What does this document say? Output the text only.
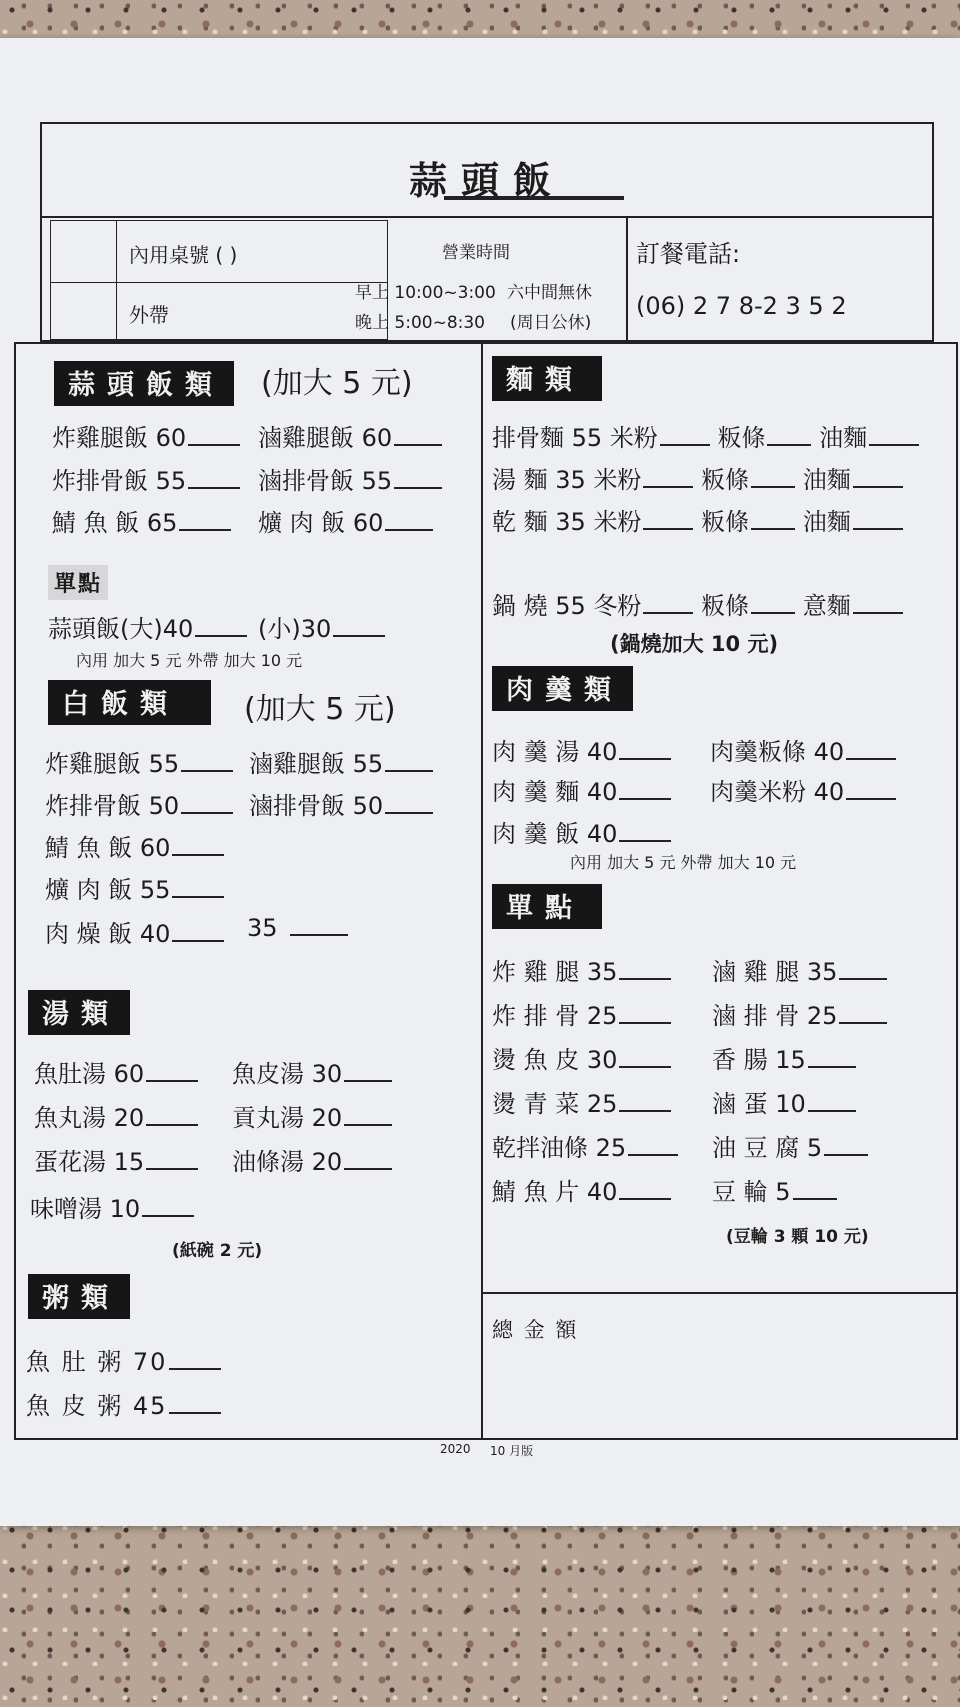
蒜頭飯
內用桌號 ( )
外帶
營業時間
早上 10:00~3:00 六中間無休
晚上 5:00~8:30 (周日公休)
訂餐電話:
(06) 2 7 8-2 3 5 2
蒜頭飯類	(加大 5 元)
炸雞腿飯 60	滷雞腿飯 60
炸排骨飯 55	滷排骨飯 55
鯖 魚 飯 65	爌 肉 飯 60
單點
蒜頭飯(大)40	(小)30
內用 加大 5 元 外帶 加大 10 元
白飯類	(加大 5 元)
炸雞腿飯 55	滷雞腿飯 55
炸排骨飯 50	滷排骨飯 50
鯖 魚 飯 60
爌 肉 飯 55
肉 燥 飯 40	35
湯類
魚肚湯 60	魚皮湯 30
魚丸湯 20	貢丸湯 20
蛋花湯 15	油條湯 20
味噌湯 10
(紙碗 2 元)
粥類
魚 肚 粥 70
魚 皮 粥 45
麵類
排骨麵 55 米粉 粄條 油麵
湯 麵 35 米粉 粄條 油麵
乾 麵 35 米粉 粄條 油麵
鍋 燒 55 冬粉 粄條 意麵
(鍋燒加大 10 元)
肉羹類
肉 羹 湯 40	肉羹粄條 40
肉 羹 麵 40	肉羹米粉 40
肉 羹 飯 40
內用 加大 5 元 外帶 加大 10 元
單點
炸 雞 腿 35	滷 雞 腿 35
炸 排 骨 25	滷 排 骨 25
燙 魚 皮 30	香 腸 15
燙 青 菜 25	滷 蛋 10
乾拌油條 25	油 豆 腐 5
鯖 魚 片 40	豆 輪 5
(豆輪 3 顆 10 元)
總 金 額
2020 10 月版
